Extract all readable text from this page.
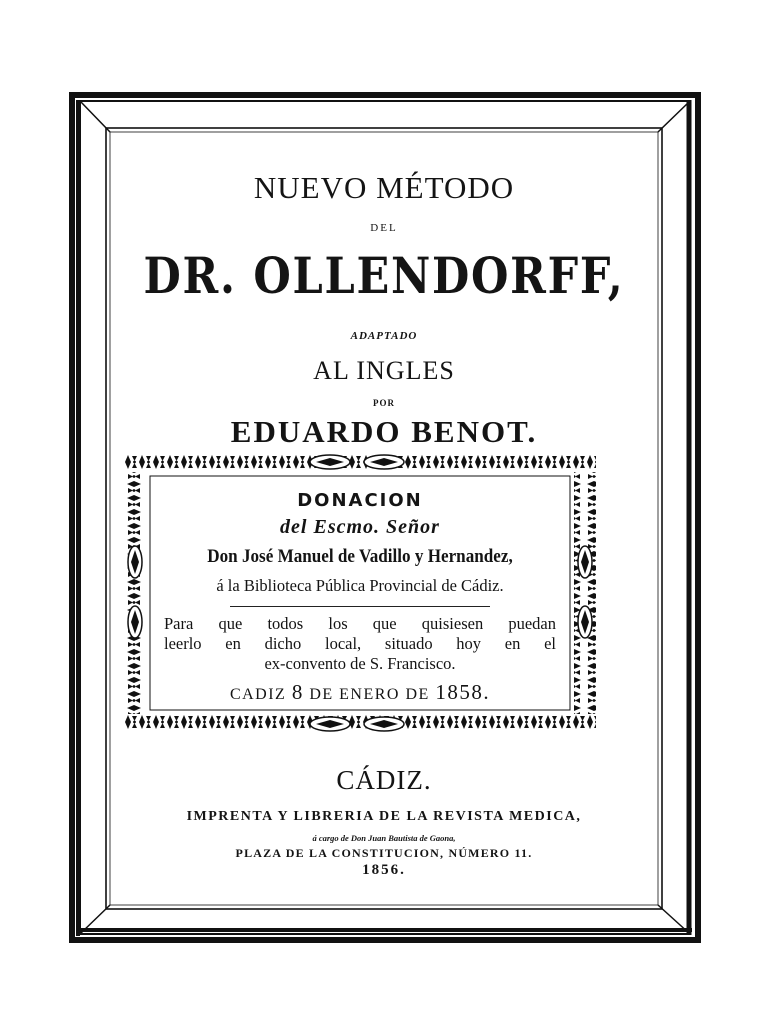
NUEVO MÉTODO
DEL
DR. OLLENDORFF,
ADAPTADO
AL INGLES
POR
EDUARDO BENOT.
DONACION
del Escmo. Señor
Don José Manuel de Vadillo y Hernandez,
á la Biblioteca Pública Provincial de Cádiz.
Para que todos los que quisiesen puedan
leerlo en dicho local, situado hoy en el
ex-convento de S. Francisco.
CADIZ 8 DE ENERO DE 1858.
CÁDIZ.
IMPRENTA Y LIBRERIA DE LA REVISTA MEDICA,
á cargo de Don Juan Bautista de Gaona,
PLAZA DE LA CONSTITUCION, NÚMERO 11.
1856.
